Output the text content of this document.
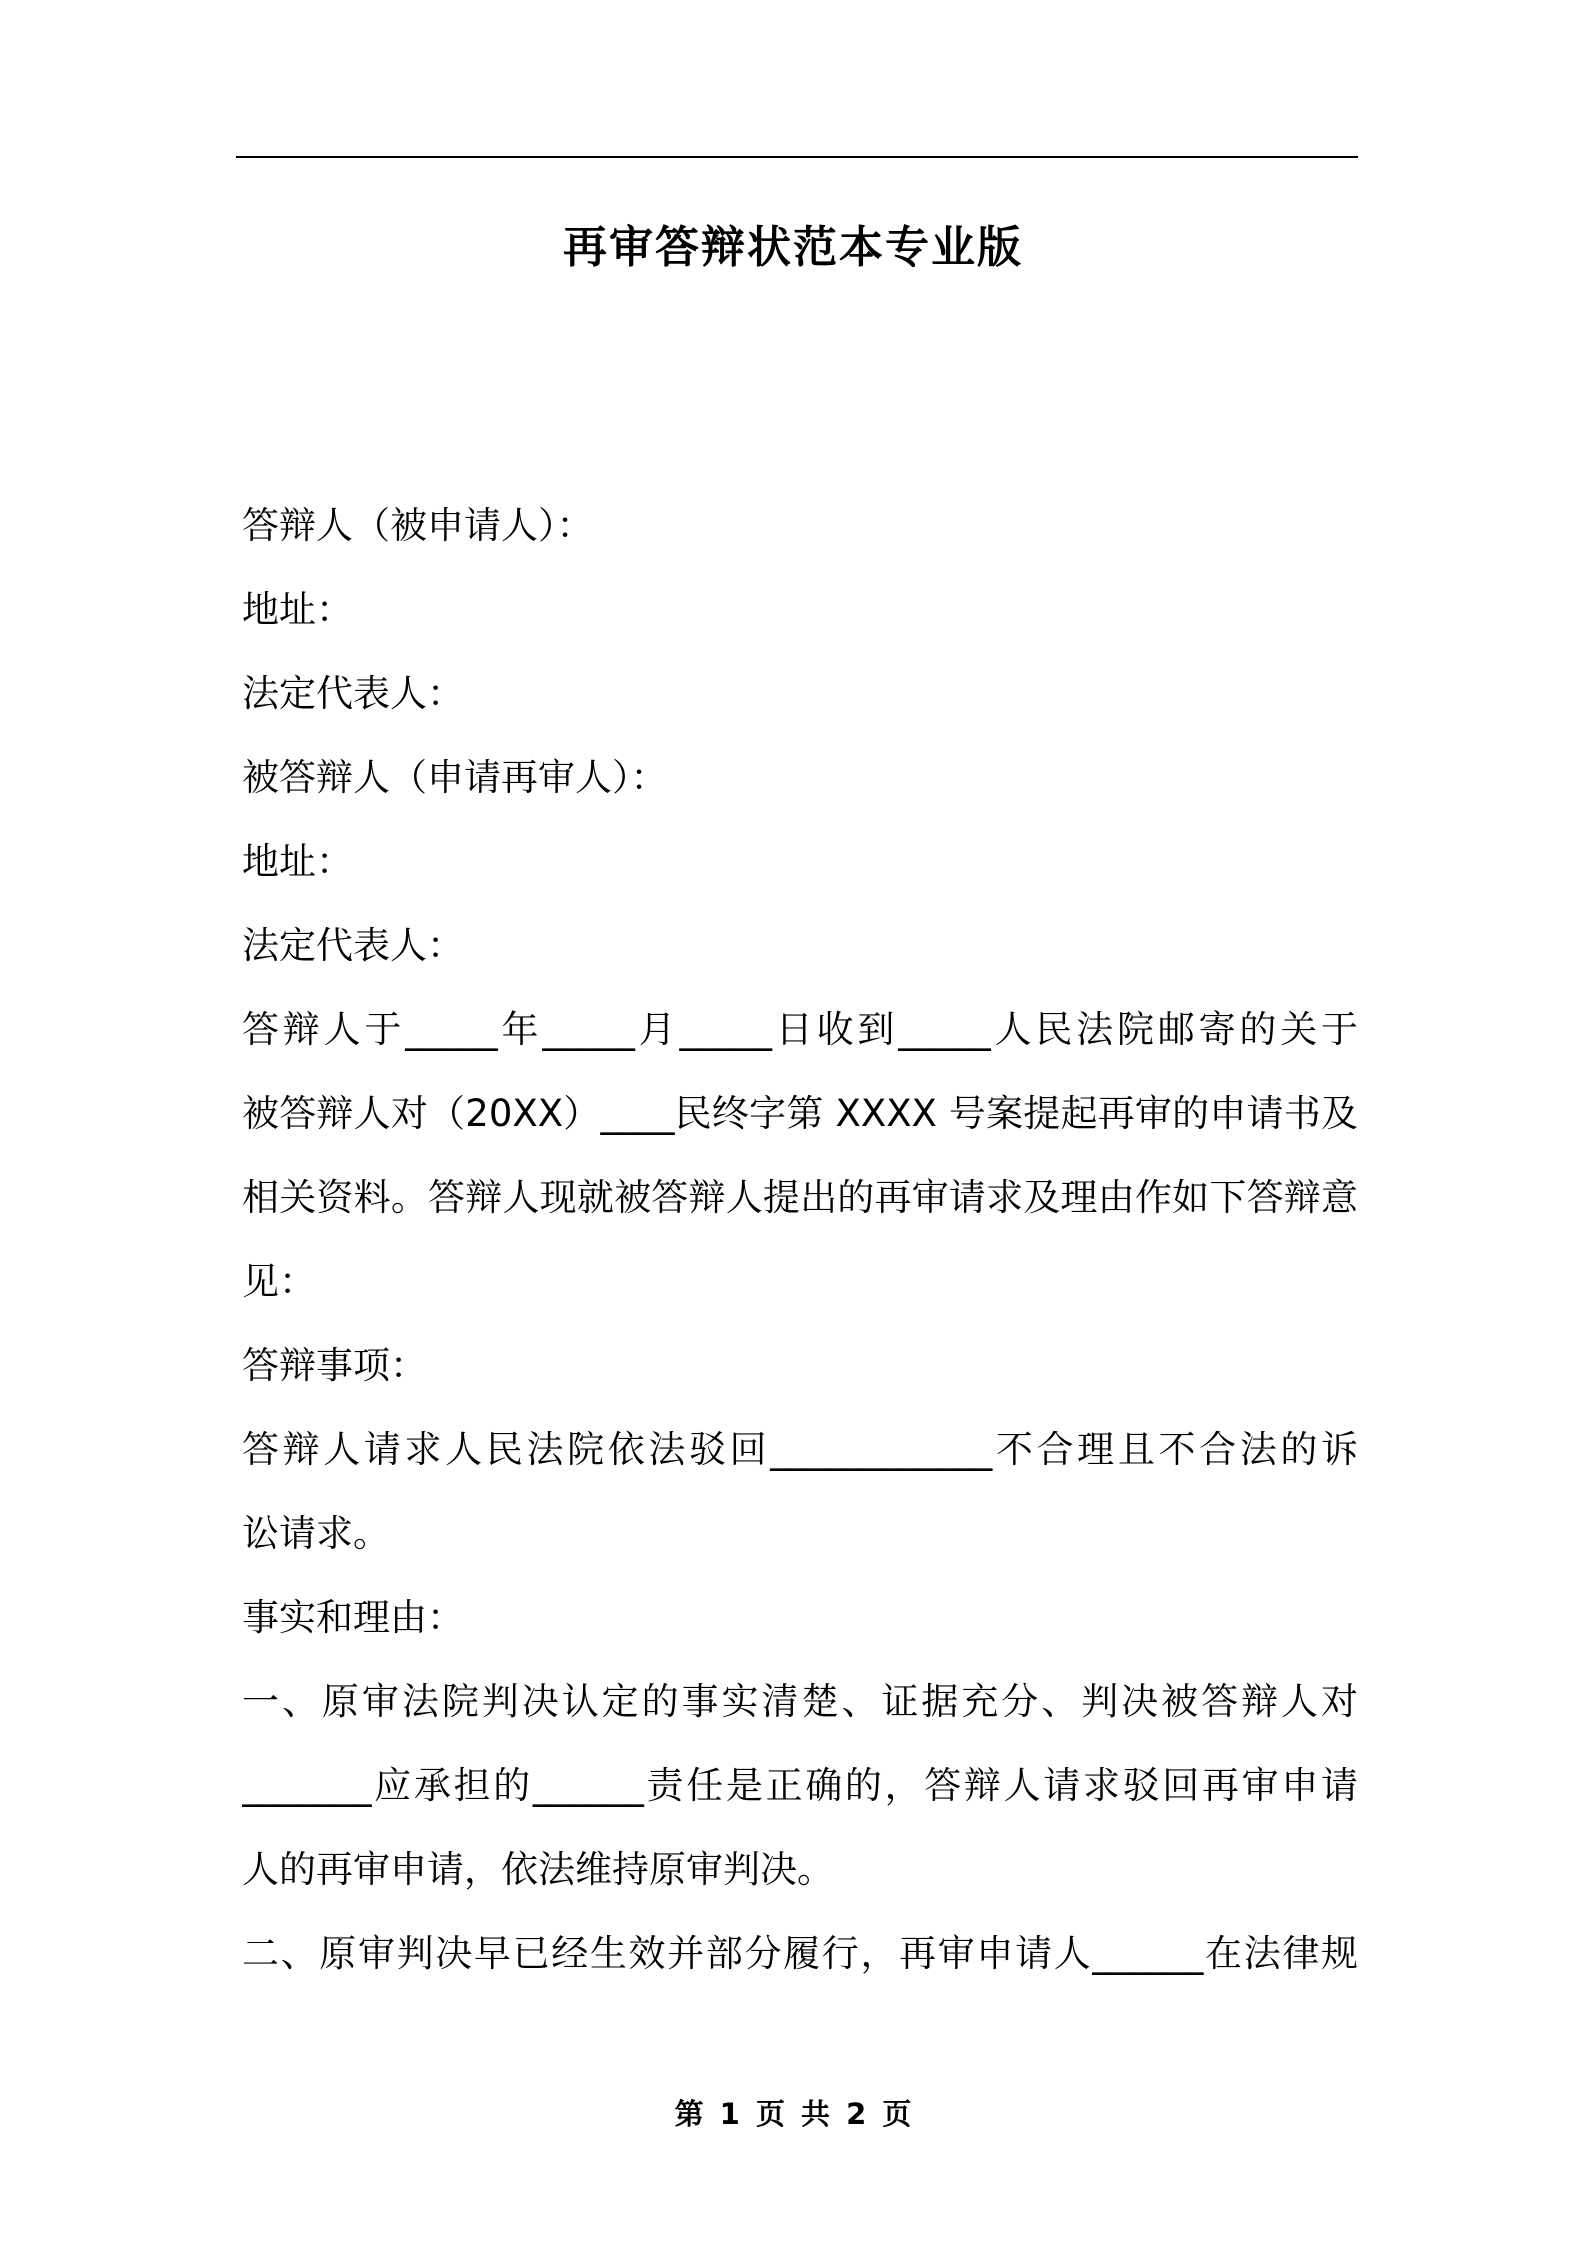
再审答辩状范本专业版
答辩人（被申请人）：
地址：
法定代表人：
被答辩人（申请再审人）：
地址：
法定代表人：
答辩人于_____年_____月_____日收到_____人民法院邮寄的关于
被答辩人对（20XX）____民终字第 XXXX 号案提起再审的申请书及
相关资料。答辩人现就被答辩人提出的再审请求及理由作如下答辩意
见：
答辩事项：
答辩人请求人民法院依法驳回____________不合理且不合法的诉
讼请求。
事实和理由：
一、原审法院判决认定的事实清楚、证据充分、判决被答辩人对
_______应承担的______责任是正确的，答辩人请求驳回再审申请
人的再审申请，依法维持原审判决。
二、原审判决早已经生效并部分履行，再审申请人______在法律规
第 1 页 共 2 页
